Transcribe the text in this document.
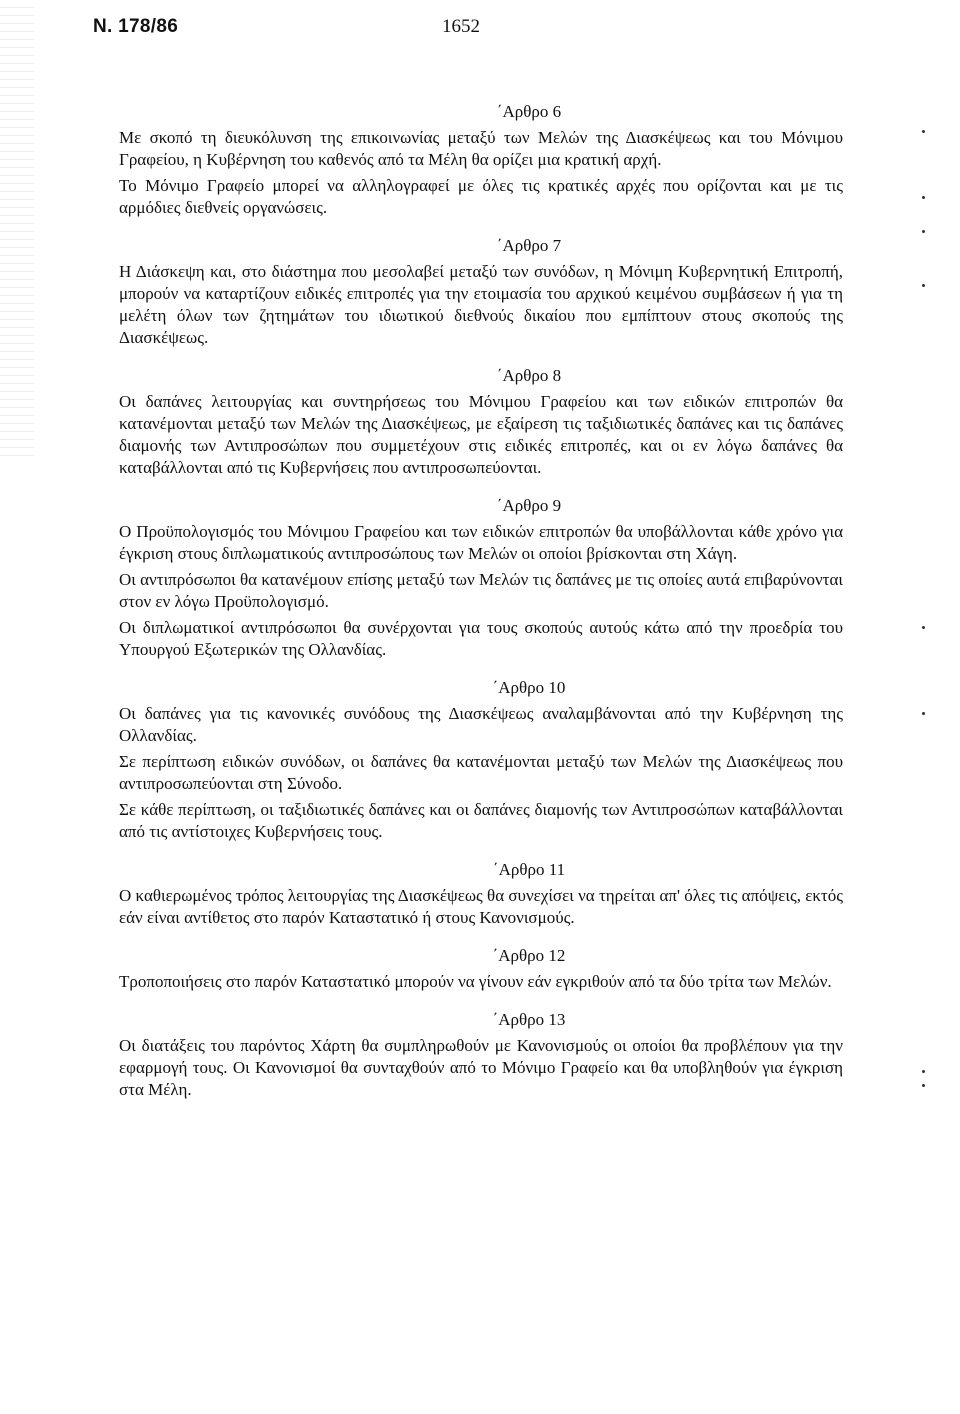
Ν. 178/86	1652
΄Αρθρο 6

Με σκοπό τη διευκόλυνση της επικοινωνίας μεταξύ των Μελών της Διασκέψεως και του Μόνιμου Γραφείου, η Κυβέρνηση του καθενός από τα Μέλη θα ορίζει μια κρατική αρχή.

Το Μόνιμο Γραφείο μπορεί να αλληλογραφεί με όλες τις κρατικές αρχές που ορίζονται και με τις αρμόδιες διεθνείς οργανώσεις.

΄Αρθρο 7

Η Διάσκεψη και, στο διάστημα που μεσολαβεί μεταξύ των συνόδων, η Μόνιμη Κυβερνητική Επιτροπή, μπορούν να καταρτίζουν ειδικές επιτροπές για την ετοιμασία του αρχικού κειμένου συμβάσεων ή για τη μελέτη όλων των ζητημάτων του ιδιωτικού διεθνούς δικαίου που εμπίπτουν στους σκοπούς της Διασκέψεως.

΄Αρθρο 8

Οι δαπάνες λειτουργίας και συντηρήσεως του Μόνιμου Γραφείου και των ειδικών επιτροπών θα κατανέμονται μεταξύ των Μελών της Διασκέψεως, με εξαίρεση τις ταξιδιωτικές δαπάνες και τις δαπάνες διαμονής των Αντιπροσώπων που συμμετέχουν στις ειδικές επιτροπές, και οι εν λόγω δαπάνες θα καταβάλλονται από τις Κυβερνήσεις που αντιπροσωπεύονται.

΄Αρθρο 9

Ο Προϋπολογισμός του Μόνιμου Γραφείου και των ειδικών επιτροπών θα υποβάλλονται κάθε χρόνο για έγκριση στους διπλωματικούς αντιπροσώπους των Μελών οι οποίοι βρίσκονται στη Χάγη.

Οι αντιπρόσωποι θα κατανέμουν επίσης μεταξύ των Μελών τις δαπάνες με τις οποίες αυτά επιβαρύνονται στον εν λόγω Προϋπολογισμό.

Οι διπλωματικοί αντιπρόσωποι θα συνέρχονται για τους σκοπούς αυτούς κάτω από την προεδρία του Υπουργού Εξωτερικών της Ολλανδίας.

΄Αρθρο 10

Οι δαπάνες για τις κανονικές συνόδους της Διασκέψεως αναλαμβάνονται από την Κυβέρνηση της Ολλανδίας.

Σε περίπτωση ειδικών συνόδων, οι δαπάνες θα κατανέμονται μεταξύ των Μελών της Διασκέψεως που αντιπροσωπεύονται στη Σύνοδο.

Σε κάθε περίπτωση, οι ταξιδιωτικές δαπάνες και οι δαπάνες διαμονής των Αντιπροσώπων καταβάλλονται από τις αντίστοιχες Κυβερνήσεις τους.

΄Αρθρο 11

Ο καθιερωμένος τρόπος λειτουργίας της Διασκέψεως θα συνεχίσει να τηρείται απ' όλες τις απόψεις, εκτός εάν είναι αντίθετος στο παρόν Καταστατικό ή στους Κανονισμούς.

΄Αρθρο 12

Τροποποιήσεις στο παρόν Καταστατικό μπορούν να γίνουν εάν εγκριθούν από τα δύο τρίτα των Μελών.

΄Αρθρο 13

Οι διατάξεις του παρόντος Χάρτη θα συμπληρωθούν με Κανονισμούς οι οποίοι θα προβλέπουν για την εφαρμογή τους. Οι Κανονισμοί θα συνταχθούν από το Μόνιμο Γραφείο και θα υποβληθούν για έγκριση στα Μέλη.
